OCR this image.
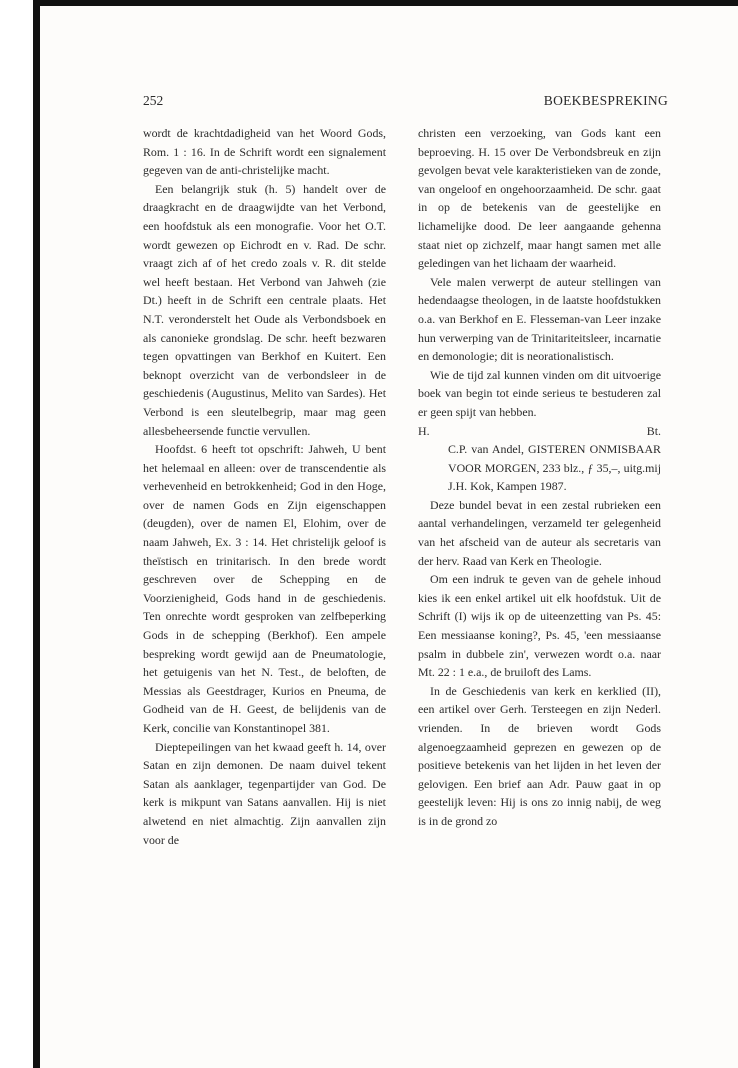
252	BOEKBESPREKING

wordt de krachtdadigheid van het Woord Gods, Rom. 1 : 16. In de Schrift wordt een signalement gegeven van de anti-christelijke macht.

Een belangrijk stuk (h. 5) handelt over de draagkracht en de draagwijdte van het Verbond, een hoofdstuk als een monografie. Voor het O.T. wordt gewezen op Eichrodt en v. Rad. De schr. vraagt zich af of het credo zoals v. R. dit stelde wel heeft bestaan. Het Verbond van Jahweh (zie Dt.) heeft in de Schrift een centrale plaats. Het N.T. veronderstelt het Oude als Verbondsboek en als canonieke grondslag. De schr. heeft bezwaren tegen opvattingen van Berkhof en Kuitert. Een beknopt overzicht van de verbondsleer in de geschiedenis (Augustinus, Melito van Sardes). Het Verbond is een sleutelbegrip, maar mag geen allesbeheersende functie vervullen.

Hoofdst. 6 heeft tot opschrift: Jahweh, U bent het helemaal en alleen: over de transcendentie als verhevenheid en betrokkenheid; God in den Hoge, over de namen Gods en Zijn eigenschappen (deugden), over de namen El, Elohim, over de naam Jahweh, Ex. 3 : 14. Het christelijk geloof is theïstisch en trinitarisch. In den brede wordt geschreven over de Schepping en de Voorzienigheid, Gods hand in de geschiedenis. Ten onrechte wordt gesproken van zelfbeperking Gods in de schepping (Berkhof). Een ampele bespreking wordt gewijd aan de Pneumatologie, het getuigenis van het N. Test., de beloften, de Messias als Geestdrager, Kurios en Pneuma, de Godheid van de H. Geest, de belijdenis van de Kerk, concilie van Konstantinopel 381.

Dieptepeilingen van het kwaad geeft h. 14, over Satan en zijn demonen. De naam duivel tekent Satan als aanklager, tegenpartijder van God. De kerk is mikpunt van Satans aanvallen. Hij is niet alwetend en niet almachtig. Zijn aanvallen zijn voor de

christen een verzoeking, van Gods kant een beproeving. H. 15 over De Verbondsbreuk en zijn gevolgen bevat vele karakteristieken van de zonde, van ongeloof en ongehoorzaamheid. De schr. gaat in op de betekenis van de geestelijke en lichamelijke dood. De leer aangaande gehenna staat niet op zichzelf, maar hangt samen met alle geledingen van het lichaam der waarheid.

Vele malen verwerpt de auteur stellingen van hedendaagse theologen, in de laatste hoofdstukken o.a. van Berkhof en E. Flesseman-van Leer inzake hun verwerping van de Trinitariteitsleer, incarnatie en demonologie; dit is neorationalistisch.

Wie de tijd zal kunnen vinden om dit uitvoerige boek van begin tot einde serieus te bestuderen zal er geen spijt van hebben.

H.	Bt.

C.P. van Andel, GISTEREN ONMISBAAR VOOR MORGEN, 233 blz., ƒ 35,–, uitg.mij J.H. Kok, Kampen 1987.

Deze bundel bevat in een zestal rubrieken een aantal verhandelingen, verzameld ter gelegenheid van het afscheid van de auteur als secretaris van der herv. Raad van Kerk en Theologie.

Om een indruk te geven van de gehele inhoud kies ik een enkel artikel uit elk hoofdstuk. Uit de Schrift (I) wijs ik op de uiteenzetting van Ps. 45: Een messiaanse koning?, Ps. 45, 'een messiaanse psalm in dubbele zin', verwezen wordt o.a. naar Mt. 22 : 1 e.a., de bruiloft des Lams.

In de Geschiedenis van kerk en kerklied (II), een artikel over Gerh. Tersteegen en zijn Nederl. vrienden. In de brieven wordt Gods algenoegzaamheid geprezen en gewezen op de positieve betekenis van het lijden in het leven der gelovigen. Een brief aan Adr. Pauw gaat in op geestelijk leven: Hij is ons zo innig nabij, de weg is in de grond zo
